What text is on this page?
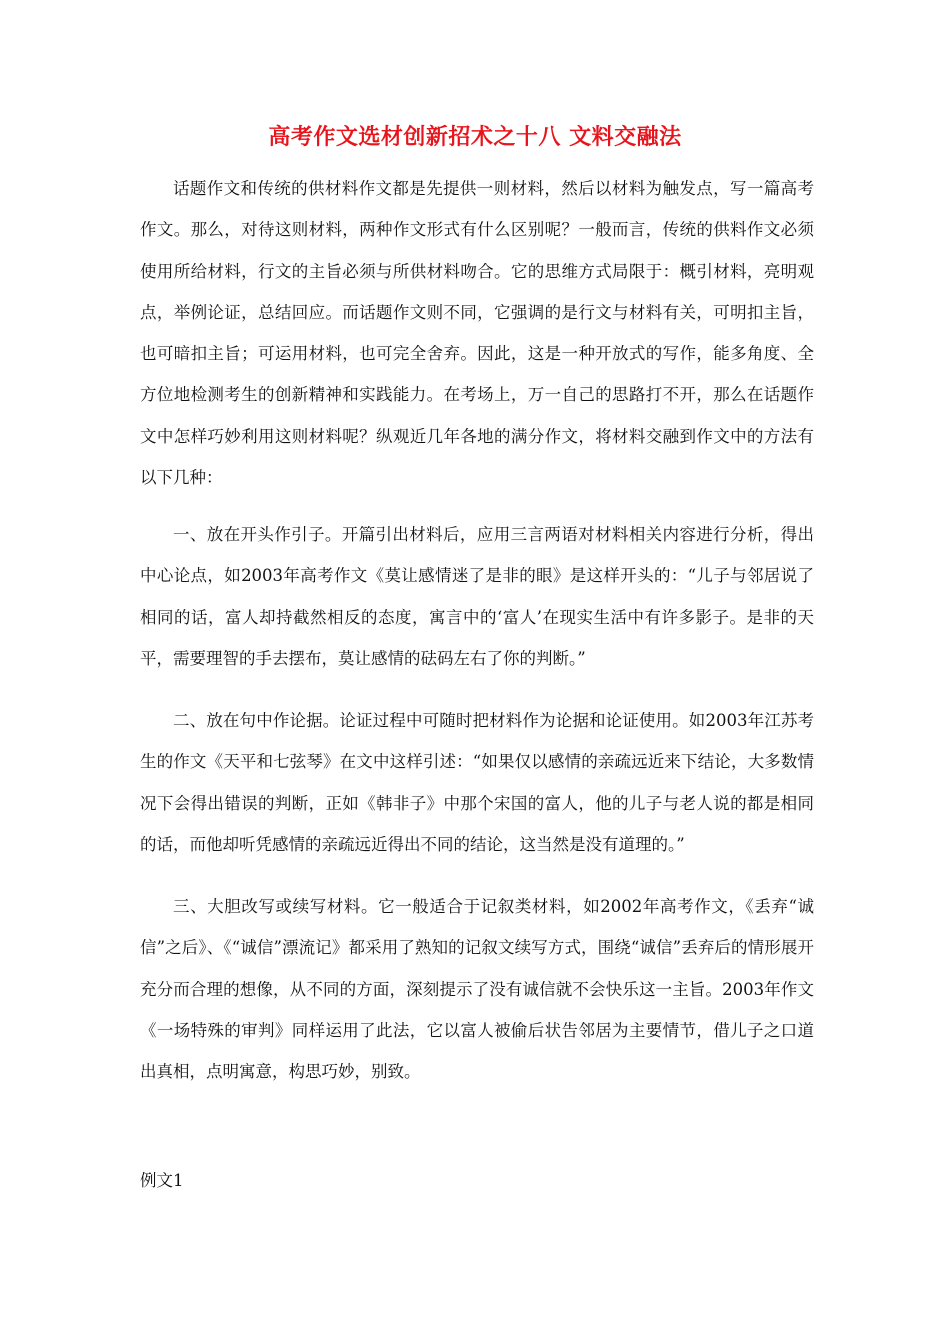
高考作文选材创新招术之十八 文料交融法

话题作文和传统的供材料作文都是先提供一则材料，然后以材料为触发点，写一篇高考作文。那么，对待这则材料，两种作文形式有什么区别呢？一般而言，传统的供料作文必须使用所给材料，行文的主旨必须与所供材料吻合。它的思维方式局限于：概引材料，亮明观点，举例论证，总结回应。而话题作文则不同，它强调的是行文与材料有关，可明扣主旨，也可暗扣主旨；可运用材料，也可完全舍弃。因此，这是一种开放式的写作，能多角度、全方位地检测考生的创新精神和实践能力。在考场上，万一自己的思路打不开，那么在话题作文中怎样巧妙利用这则材料呢？纵观近几年各地的满分作文，将材料交融到作文中的方法有以下几种：

一、放在开头作引子。开篇引出材料后，应用三言两语对材料相关内容进行分析，得出中心论点，如2003年高考作文《莫让感情迷了是非的眼》是这样开头的：“儿子与邻居说了相同的话，富人却持截然相反的态度，寓言中的‘富人’在现实生活中有许多影子。是非的天平，需要理智的手去摆布，莫让感情的砝码左右了你的判断。”

二、放在句中作论据。论证过程中可随时把材料作为论据和论证使用。如2003年江苏考生的作文《天平和七弦琴》在文中这样引述：“如果仅以感情的亲疏远近来下结论，大多数情况下会得出错误的判断，正如《韩非子》中那个宋国的富人，他的儿子与老人说的都是相同的话，而他却听凭感情的亲疏远近得出不同的结论，这当然是没有道理的。”

三、大胆改写或续写材料。它一般适合于记叙类材料，如2002年高考作文，《丢弃“诚信”之后》、《“诚信”漂流记》都采用了熟知的记叙文续写方式，围绕“诚信”丢弃后的情形展开充分而合理的想像，从不同的方面，深刻提示了没有诚信就不会快乐这一主旨。2003年作文《一场特殊的审判》同样运用了此法，它以富人被偷后状告邻居为主要情节，借儿子之口道出真相，点明寓意，构思巧妙，别致。

例文1
